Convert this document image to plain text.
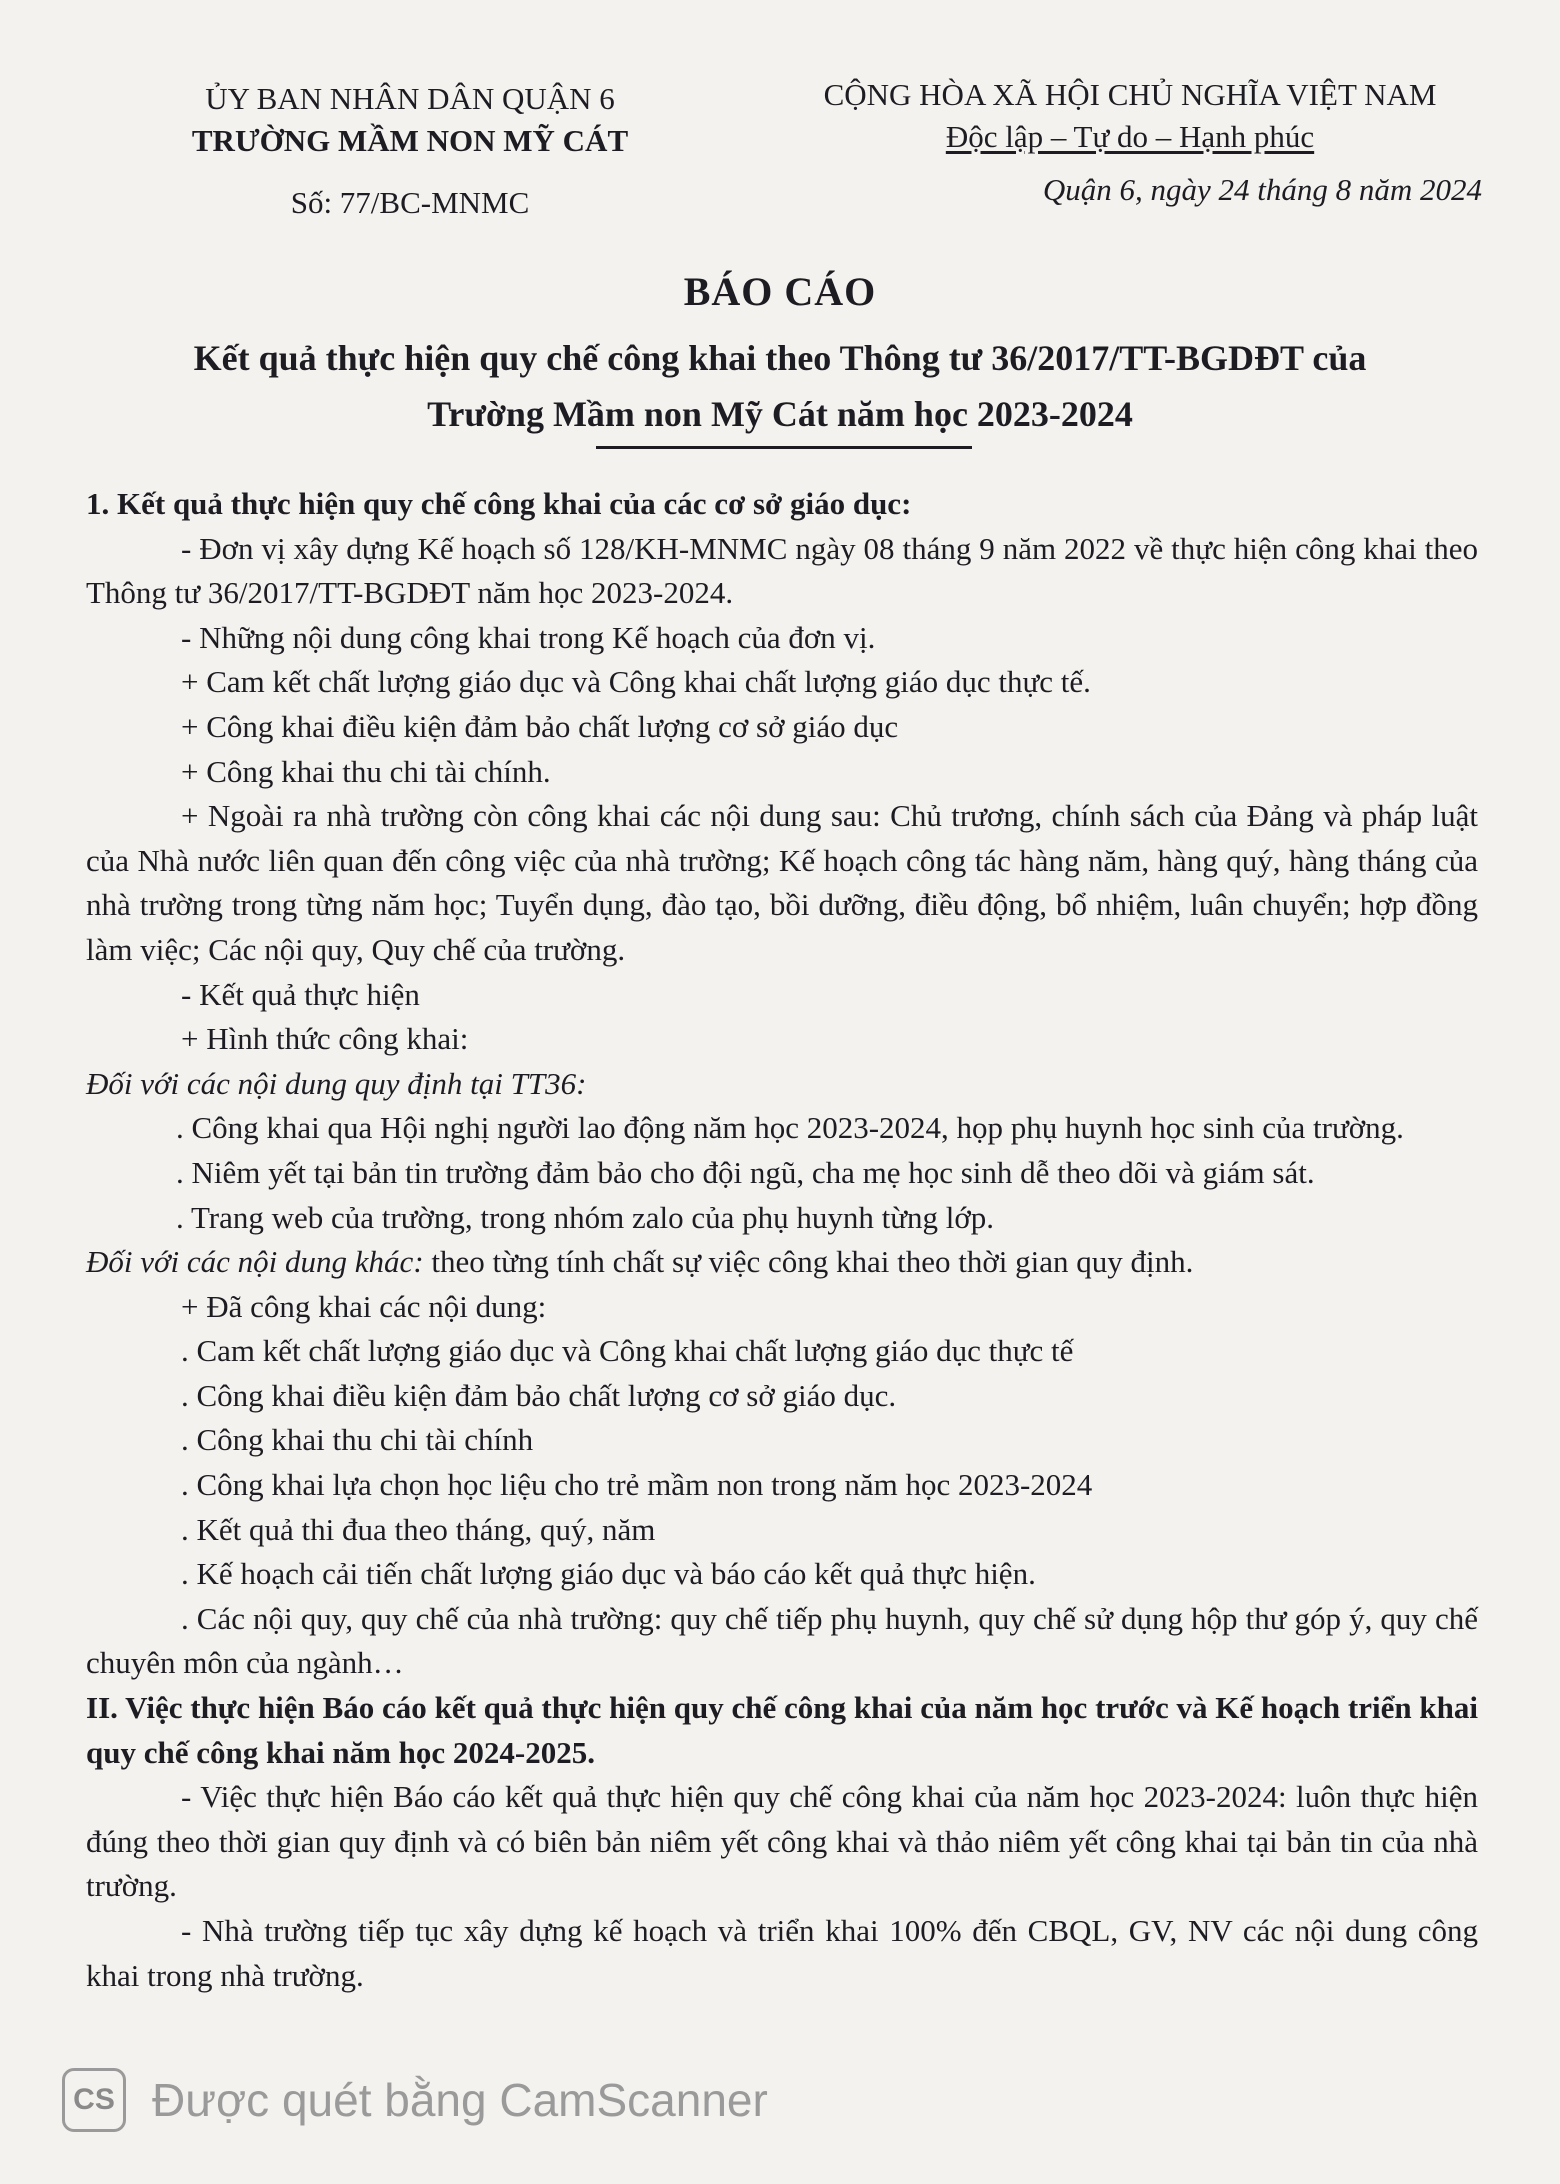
ỦY BAN NHÂN DÂN QUẬN 6
TRƯỜNG MẦM NON MỸ CÁT
Số: 77/BC-MNMC
CỘNG HÒA XÃ HỘI CHỦ NGHĨA VIỆT NAM
Độc lập – Tự do – Hạnh phúc
Quận 6, ngày 24 tháng 8 năm 2024
BÁO CÁO
Kết quả thực hiện quy chế công khai theo Thông tư 36/2017/TT-BGDĐT của
Trường Mầm non Mỹ Cát năm học 2023-2024

1. Kết quả thực hiện quy chế công khai của các cơ sở giáo dục:

- Đơn vị xây dựng Kế hoạch số 128/KH-MNMC ngày 08 tháng 9 năm 2022 về thực hiện công khai theo Thông tư 36/2017/TT-BGDĐT năm học 2023-2024.

- Những nội dung công khai trong Kế hoạch của đơn vị.

+ Cam kết chất lượng giáo dục và Công khai chất lượng giáo dục thực tế.

+ Công khai điều kiện đảm bảo chất lượng cơ sở giáo dục

+ Công khai thu chi tài chính.

+ Ngoài ra nhà trường còn công khai các nội dung sau: Chủ trương, chính sách của Đảng và pháp luật của Nhà nước liên quan đến công việc của nhà trường; Kế hoạch công tác hàng năm, hàng quý, hàng tháng của nhà trường trong từng năm học; Tuyển dụng, đào tạo, bồi dưỡng, điều động, bổ nhiệm, luân chuyển; hợp đồng làm việc; Các nội quy, Quy chế của trường.

- Kết quả thực hiện

+ Hình thức công khai:

Đối với các nội dung quy định tại TT36:

. Công khai qua Hội nghị người lao động năm học 2023-2024, họp phụ huynh học sinh của trường.

. Niêm yết tại bản tin trường đảm bảo cho đội ngũ, cha mẹ học sinh dễ theo dõi và giám sát.

. Trang web của trường, trong nhóm zalo của phụ huynh từng lớp.

Đối với các nội dung khác: theo từng tính chất sự việc công khai theo thời gian quy định.

+ Đã công khai các nội dung:

. Cam kết chất lượng giáo dục và Công khai chất lượng giáo dục thực tế

. Công khai điều kiện đảm bảo chất lượng cơ sở giáo dục.

. Công khai thu chi tài chính

. Công khai lựa chọn học liệu cho trẻ mầm non trong năm học 2023-2024

. Kết quả thi đua theo tháng, quý, năm

. Kế hoạch cải tiến chất lượng giáo dục và báo cáo kết quả thực hiện.

. Các nội quy, quy chế của nhà trường: quy chế tiếp phụ huynh, quy chế sử dụng hộp thư góp ý, quy chế chuyên môn của ngành…

II. Việc thực hiện Báo cáo kết quả thực hiện quy chế công khai của năm học trước và Kế hoạch triển khai quy chế công khai năm học 2024-2025.

- Việc thực hiện Báo cáo kết quả thực hiện quy chế công khai của năm học 2023-2024: luôn thực hiện đúng theo thời gian quy định và có biên bản niêm yết công khai và thảo niêm yết công khai tại bản tin của nhà trường.

- Nhà trường tiếp tục xây dựng kế hoạch và triển khai 100% đến CBQL, GV, NV các nội dung công khai trong nhà trường.

CS Được quét bằng CamScanner
